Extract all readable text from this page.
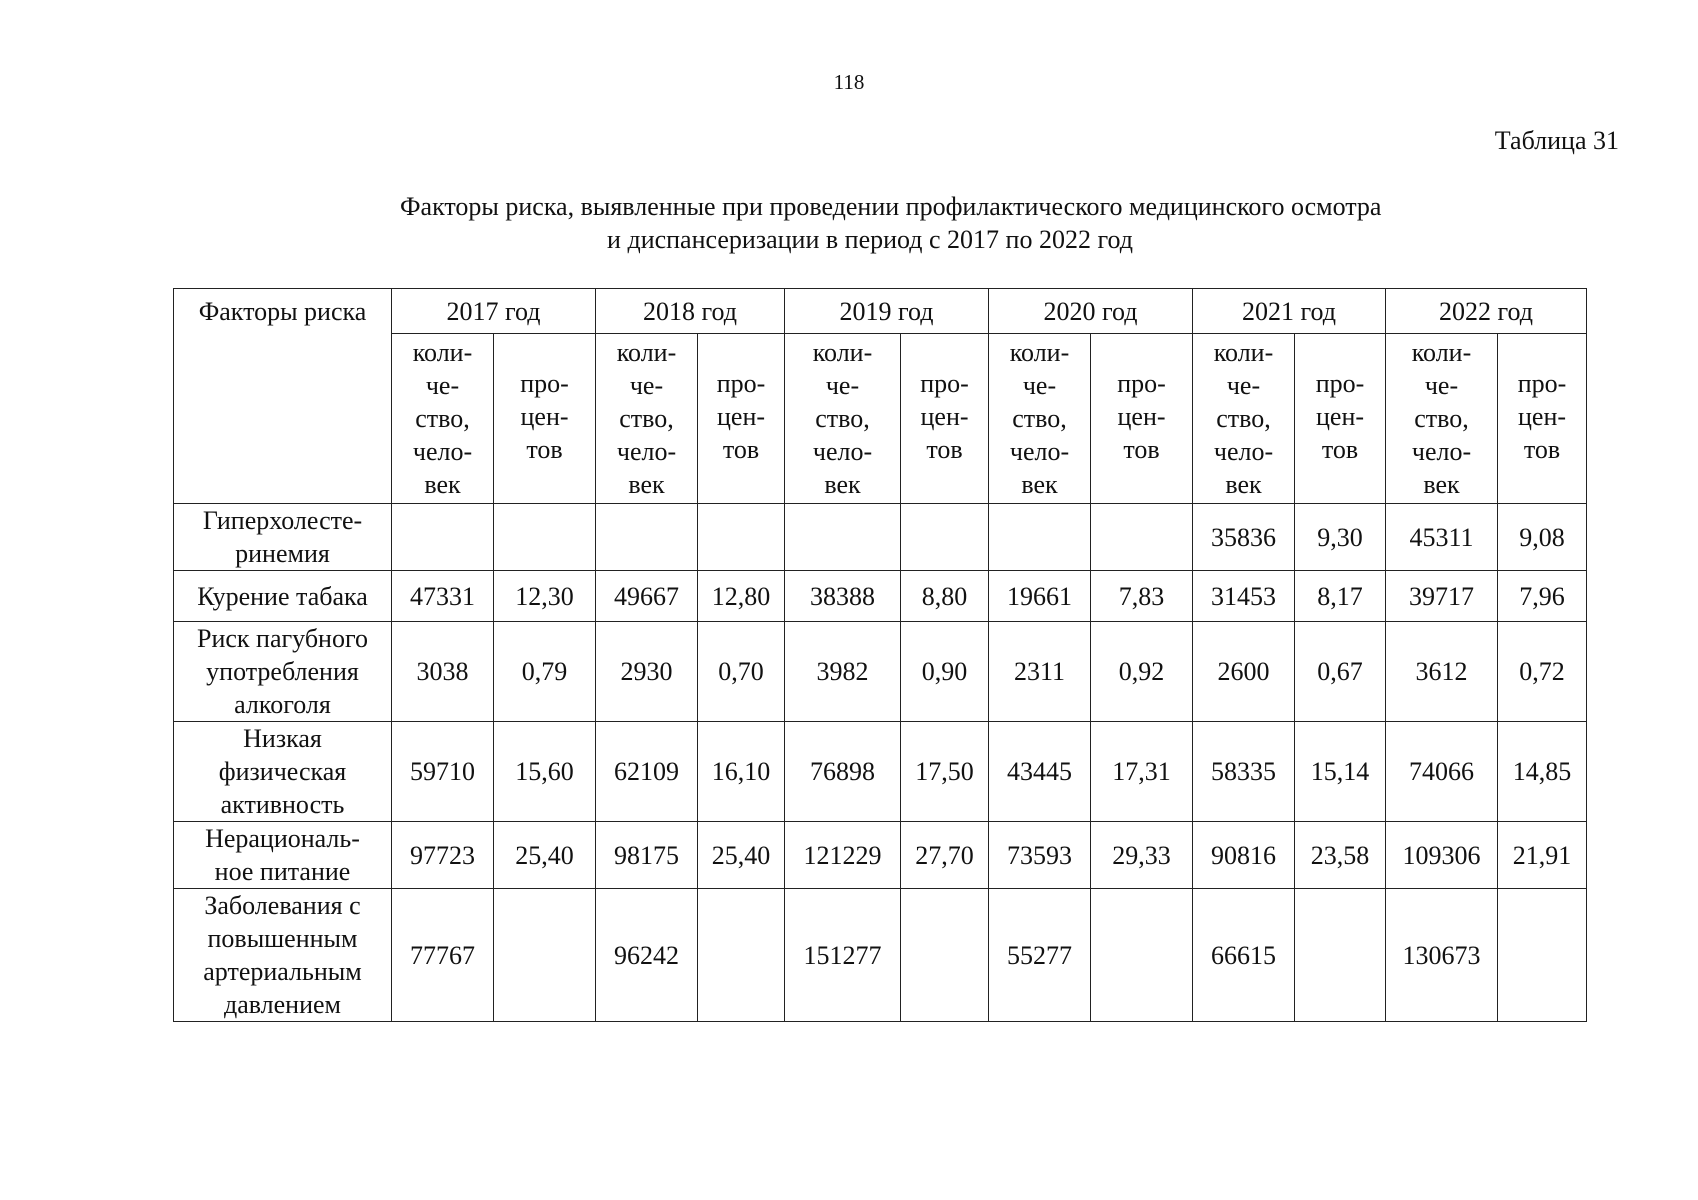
118
Таблица 31
Факторы риска, выявленные при проведении профилактического медицинского осмотра
и диспансеризации в период с 2017 по 2022 год
Факторы риска	2017 год		2018 год		2019 год		2020 год		2021 год		2022 год	

	коли-
че-
ство,
чело-
век	про-
цен-
тов	коли-
че-
ство,
чело-
век	про-
цен-
тов	коли-
че-
ство,
чело-
век	про-
цен-
тов	коли-
че-
ство,
чело-
век	про-
цен-
тов	коли-
че-
ство,
чело-
век	про-
цен-
тов	коли-
че-
ство,
чело-
век	про-
цен-
тов

Гиперхолесте-
ринемия									35836	9,30	45311	9,08

Курение табака	47331	12,30	49667	12,80	38388	8,80	19661	7,83	31453	8,17	39717	7,96

Риск пагубного
употребления
алкоголя	3038	0,79	2930	0,70	3982	0,90	2311	0,92	2600	0,67	3612	0,72

Низкая
физическая
активность	59710	15,60	62109	16,10	76898	17,50	43445	17,31	58335	15,14	74066	14,85

Нерациональ-
ное питание	97723	25,40	98175	25,40	121229	27,70	73593	29,33	90816	23,58	109306	21,91

Заболевания с
повышенным
артериальным
давлением	77767		96242		151277		55277		66615		130673	
